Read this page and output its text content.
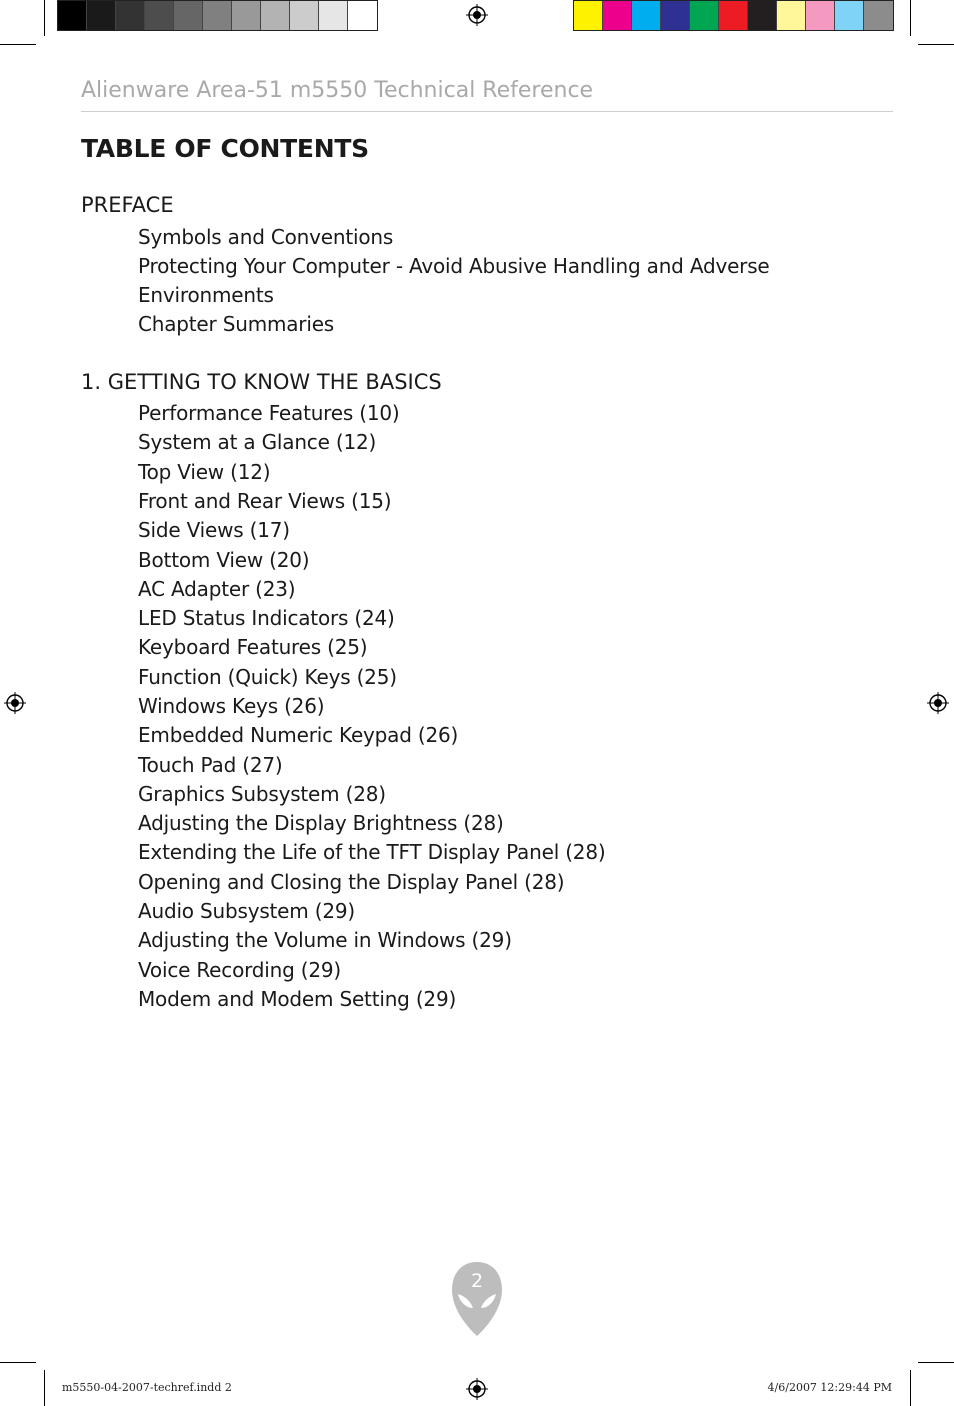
Alienware Area-51 m5550 Technical Reference
TABLE OF CONTENTS
PREFACE
Symbols and Conventions
Protecting Your Computer - Avoid Abusive Handling and Adverse
Environments
Chapter Summaries
1. GETTING TO KNOW THE BASICS
Performance Features (10)
System at a Glance (12)
Top View (12)
Front and Rear Views (15)
Side Views (17)
Bottom View (20)
AC Adapter (23)
LED Status Indicators (24)
Keyboard Features (25)
Function (Quick) Keys (25)
Windows Keys (26)
Embedded Numeric Keypad (26)
Touch Pad (27)
Graphics Subsystem (28)
Adjusting the Display Brightness (28)
Extending the Life of the TFT Display Panel (28)
Opening and Closing the Display Panel (28)
Audio Subsystem (29)
Adjusting the Volume in Windows (29)
Voice Recording (29)
Modem and Modem Setting (29)
2
m5550-04-2007-techref.indd 2	4/6/2007 12:29:44 PM
